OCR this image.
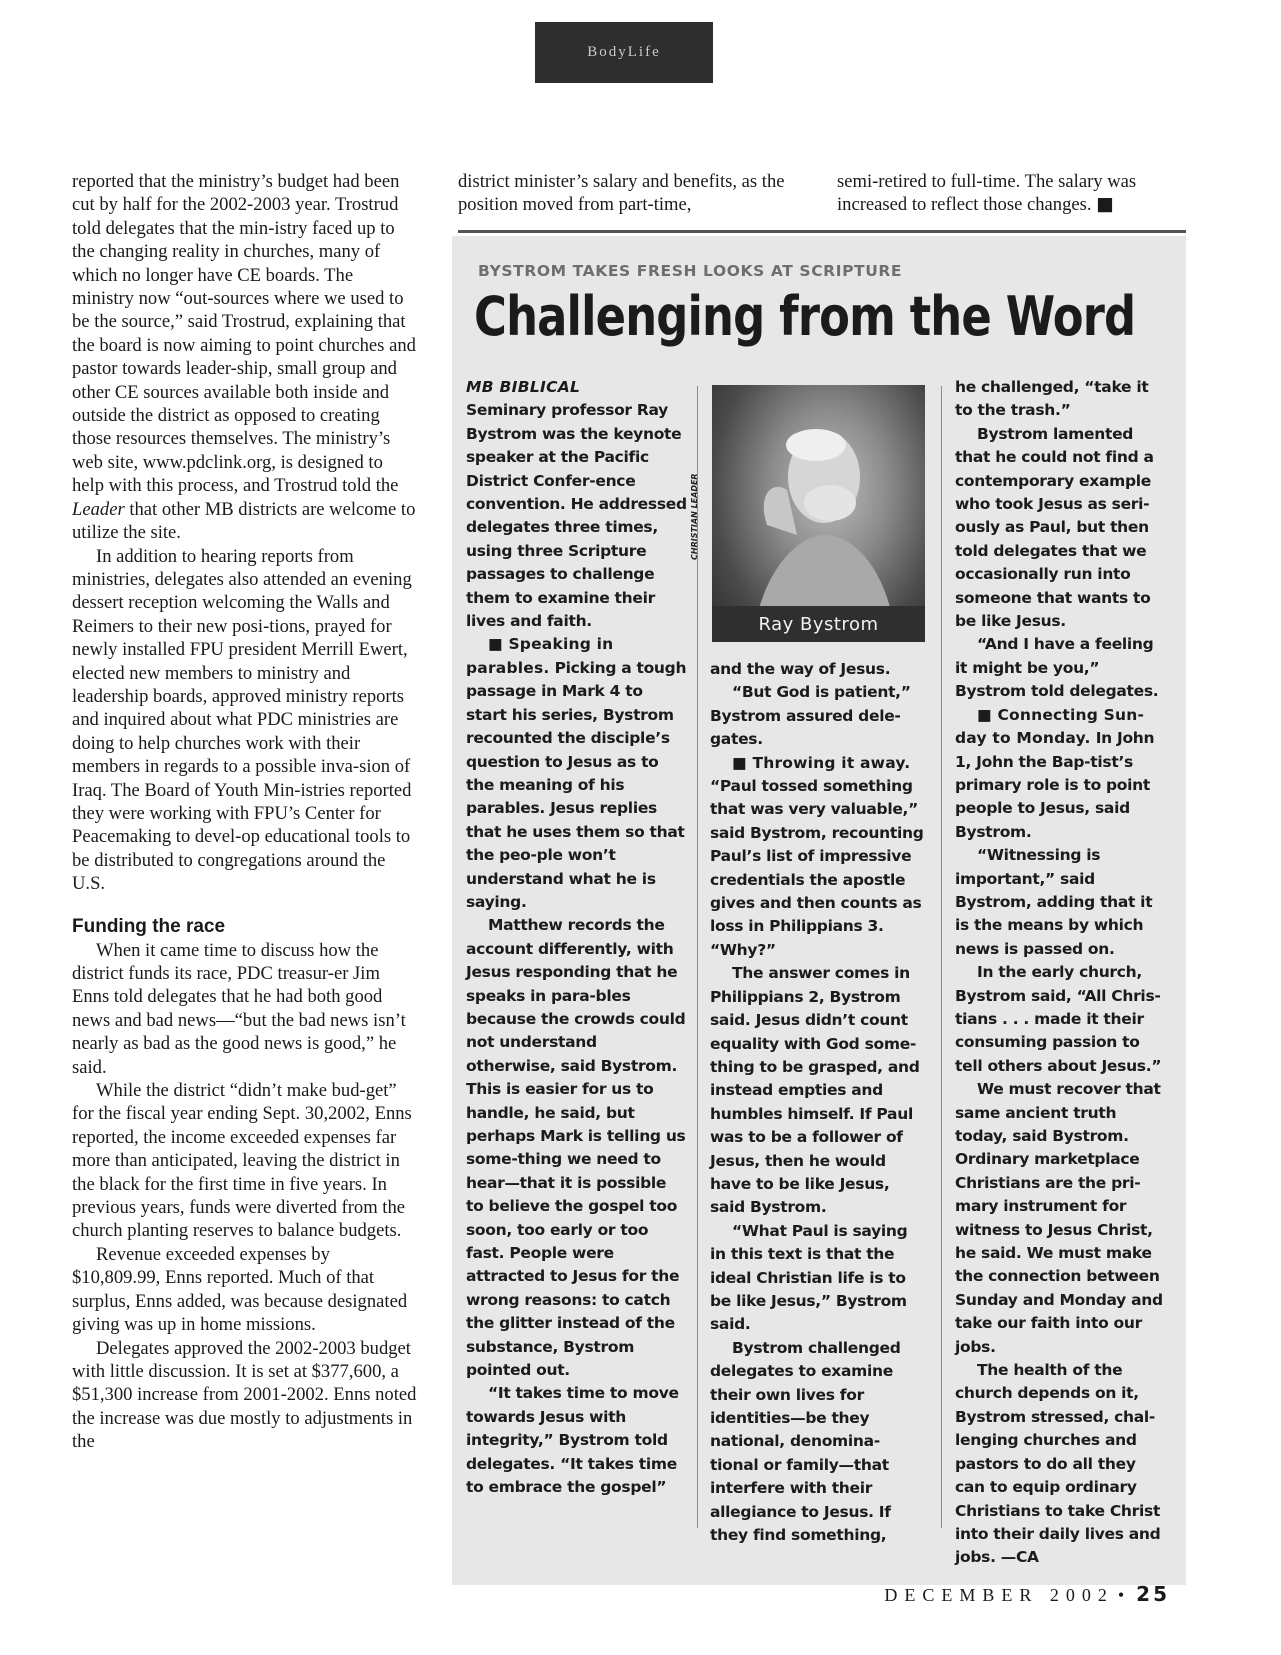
BodyLife

reported that the ministry’s budget had been cut by half for the 2002-2003 year. Trostrud told delegates that the min-istry faced up to the changing reality in churches, many of which no longer have CE boards. The ministry now “out-sources where we used to be the source,” said Trostrud, explaining that the board is now aiming to point churches and pastor towards leader-ship, small group and other CE sources available both inside and outside the district as opposed to creating those resources themselves. The ministry’s web site, www.pdclink.org, is designed to help with this process, and Trostrud told the Leader that other MB districts are welcome to utilize the site.

In addition to hearing reports from ministries, delegates also attended an evening dessert reception welcoming the Walls and Reimers to their new posi-tions, prayed for newly installed FPU president Merrill Ewert, elected new members to ministry and leadership boards, approved ministry reports and inquired about what PDC ministries are doing to help churches work with their members in regards to a possible inva-sion of Iraq. The Board of Youth Min-istries reported they were working with FPU’s Center for Peacemaking to devel-op educational tools to be distributed to congregations around the U.S.

Funding the race

When it came time to discuss how the district funds its race, PDC treasur-er Jim Enns told delegates that he had both good news and bad news—“but the bad news isn’t nearly as bad as the good news is good,” he said.

While the district “didn’t make bud-get” for the fiscal year ending Sept. 30,2002, Enns reported, the income exceeded expenses far more than anticipated, leaving the district in the black for the first time in five years. In previous years, funds were diverted from the church planting reserves to balance budgets.

Revenue exceeded expenses by $10,809.99, Enns reported. Much of that surplus, Enns added, was because designated giving was up in home missions.

Delegates approved the 2002-2003 budget with little discussion. It is set at $377,600, a $51,300 increase from 2001-2002. Enns noted the increase was due mostly to adjustments in the

district minister’s salary and benefits, as the position moved from part-time,

semi-retired to full-time. The salary was increased to reflect those changes. ■

BYSTROM TAKES FRESH LOOKS AT SCRIPTURE
Challenging from the Word

MB BIBLICAL

Seminary professor Ray Bystrom was the keynote speaker at the Pacific District Confer-ence convention. He addressed delegates three times, using three Scripture passages to challenge them to examine their lives and faith.

■ Speaking in parables. Picking a tough passage in Mark 4 to start his series, Bystrom recounted the disciple’s question to Jesus as to the meaning of his parables. Jesus replies that he uses them so that the peo-ple won’t understand what he is saying.

Matthew records the account differently, with Jesus responding that he speaks in para-bles because the crowds could not understand otherwise, said Bystrom. This is easier for us to handle, he said, but perhaps Mark is telling us some-thing we need to hear—that it is possible to believe the gospel too soon, too early or too fast. People were attracted to Jesus for the wrong reasons: to catch the glitter instead of the substance, Bystrom pointed out.

“It takes time to move towards Jesus with integrity,” Bystrom told delegates. “It takes time to embrace the gospel”

Ray Bystrom
CHRISTIAN LEADER

and the way of Jesus.

“But God is patient,” Bystrom assured dele-gates.

■ Throwing it away. “Paul tossed something that was very valuable,” said Bystrom, recounting Paul’s list of impressive credentials the apostle gives and then counts as loss in Philippians 3. “Why?”

The answer comes in Philippians 2, Bystrom said. Jesus didn’t count equality with God some-thing to be grasped, and instead empties and humbles himself. If Paul was to be a follower of Jesus, then he would have to be like Jesus, said Bystrom.

“What Paul is saying in this text is that the ideal Christian life is to be like Jesus,” Bystrom said.

Bystrom challenged delegates to examine their own lives for identities—be they national, denomina-tional or family—that interfere with their allegiance to Jesus. If they find something,

he challenged, “take it to the trash.”

Bystrom lamented that he could not find a contemporary example who took Jesus as seri-ously as Paul, but then told delegates that we occasionally run into someone that wants to be like Jesus.

“And I have a feeling it might be you,” Bystrom told delegates.

■ Connecting Sun-day to Monday. In John 1, John the Bap-tist’s primary role is to point people to Jesus, said Bystrom.

“Witnessing is important,” said Bystrom, adding that it is the means by which news is passed on.

In the early church, Bystrom said, “All Chris-tians . . . made it their consuming passion to tell others about Jesus.”

We must recover that same ancient truth today, said Bystrom. Ordinary marketplace Christians are the pri-mary instrument for witness to Jesus Christ, he said. We must make the connection between Sunday and Monday and take our faith into our jobs.

The health of the church depends on it, Bystrom stressed, chal-lenging churches and pastors to do all they can to equip ordinary Christians to take Christ into their daily lives and jobs. —CA

DECEMBER 2002 • 25
